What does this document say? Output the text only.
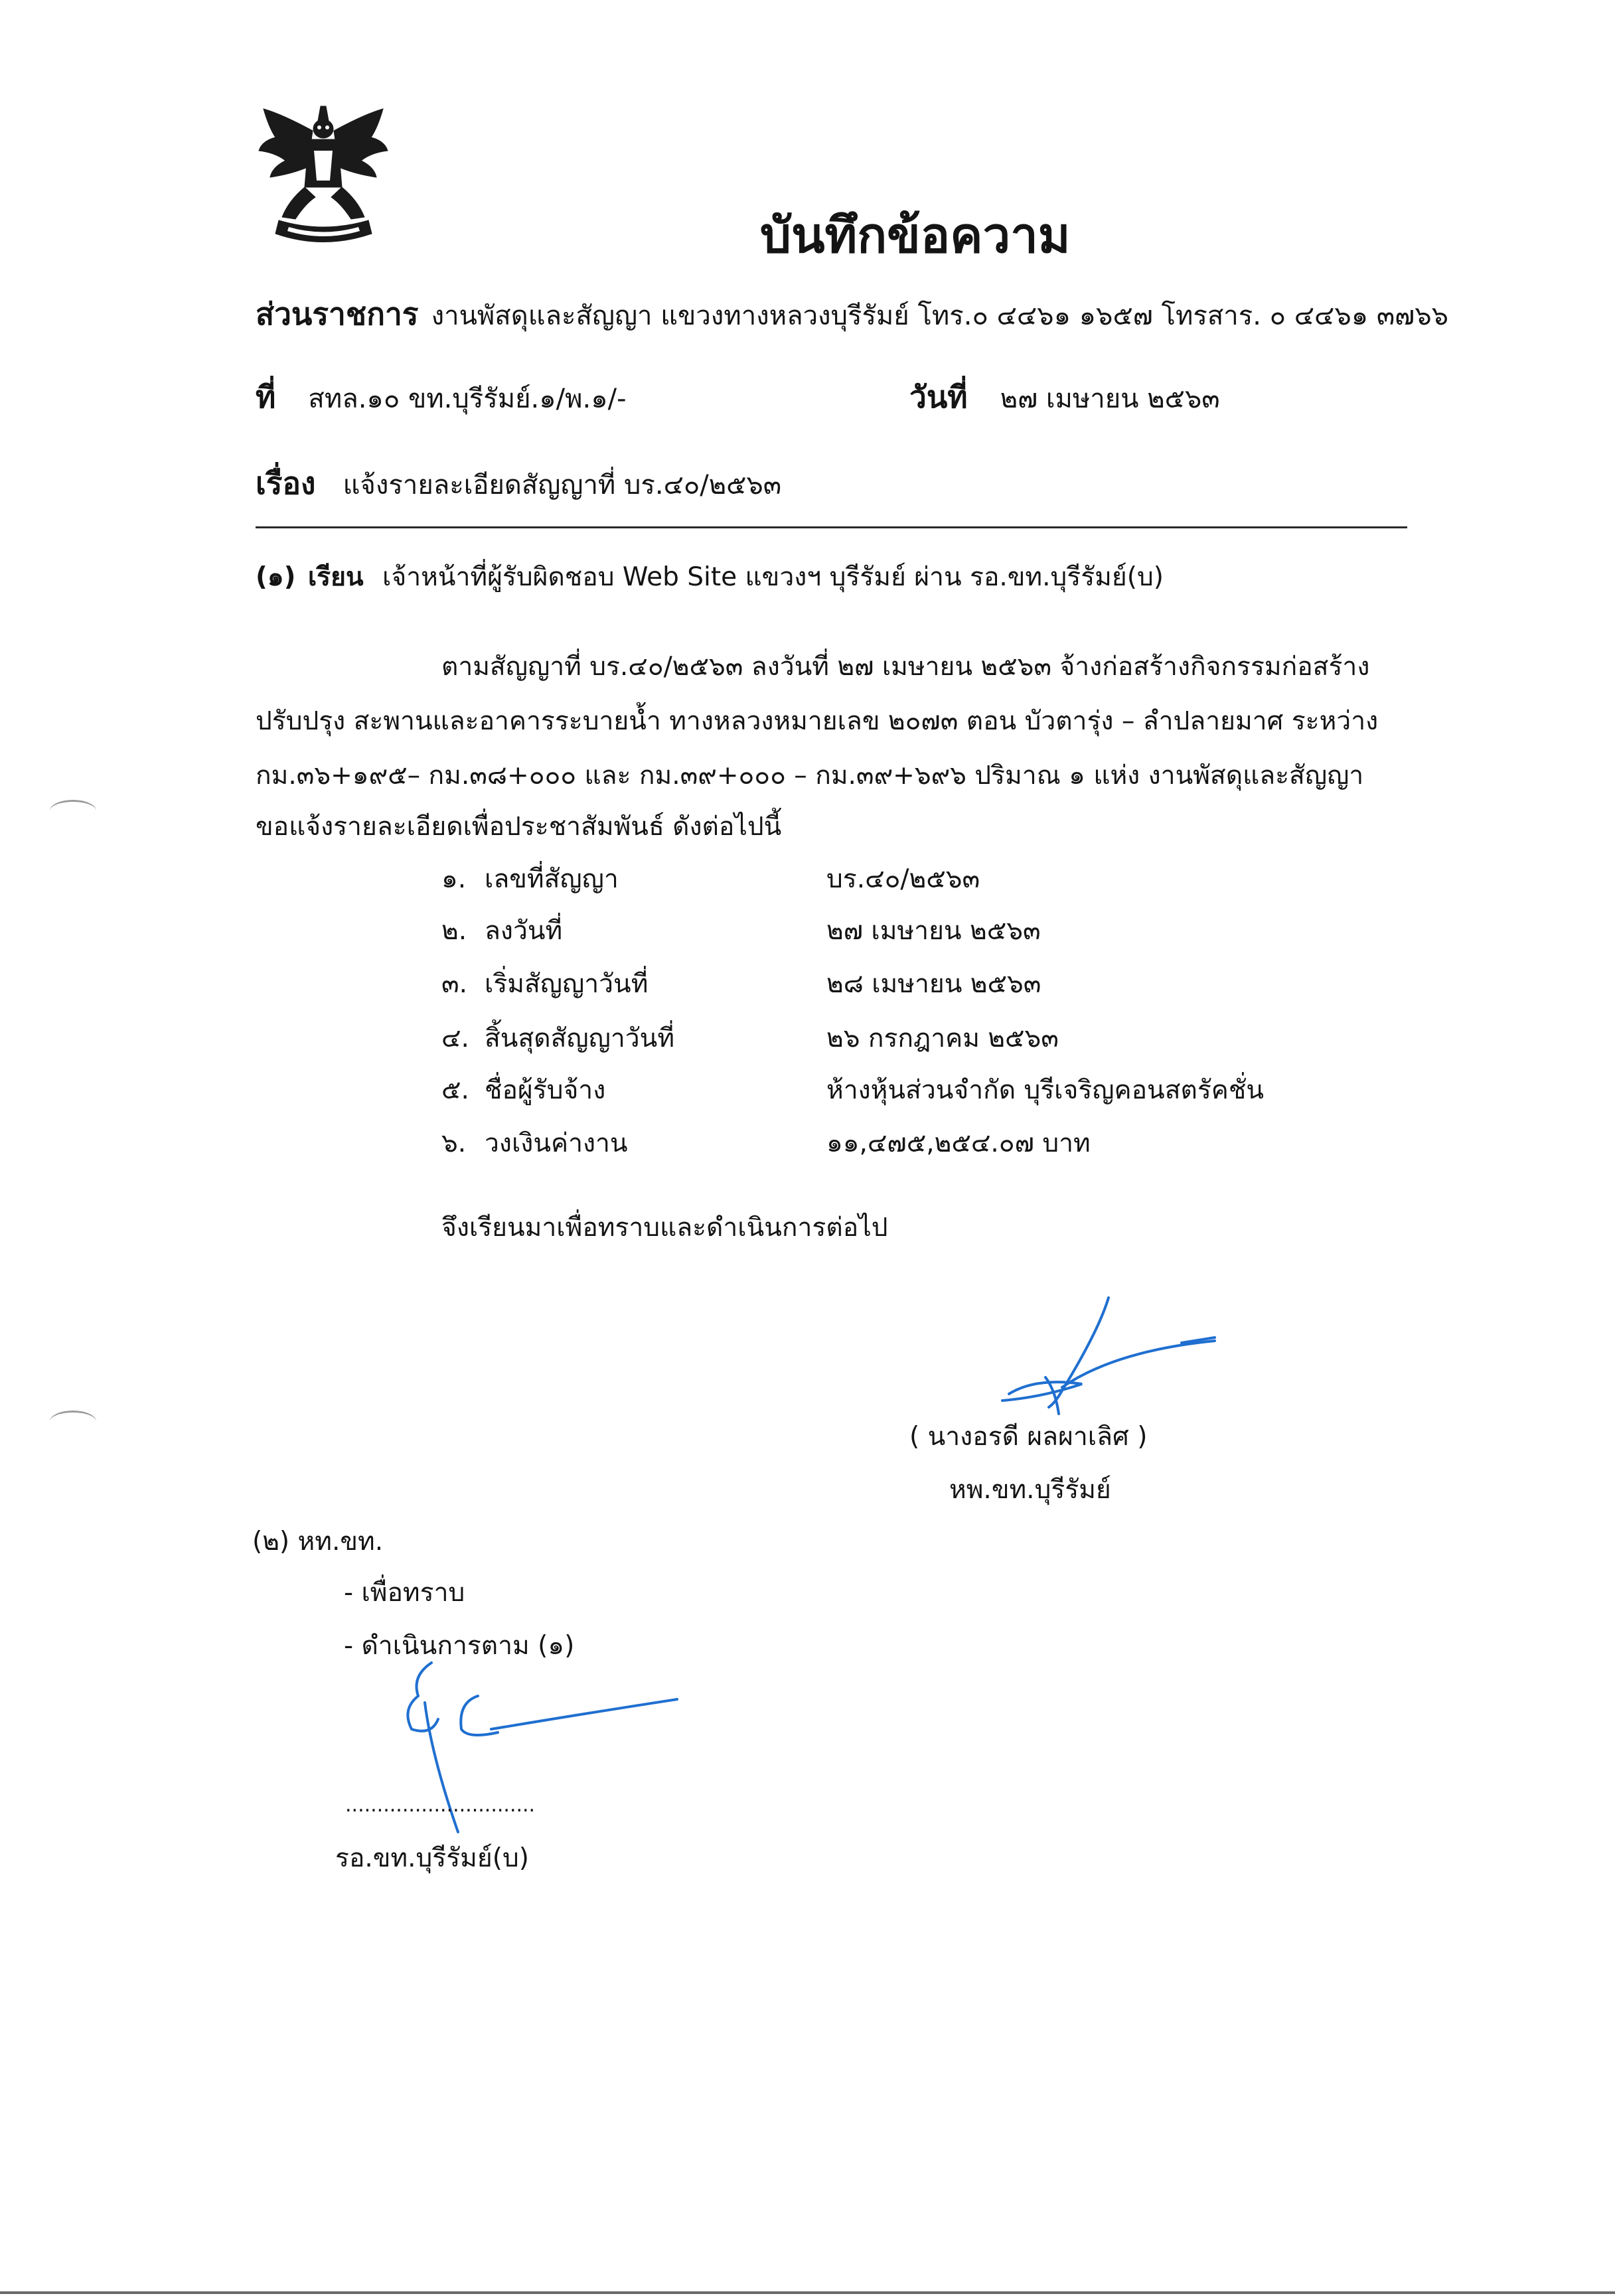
บันทึกข้อความ
ส่วนราชการ งานพัสดุและสัญญา แขวงทางหลวงบุรีรัมย์ โทร.๐ ๔๔๖๑ ๑๖๕๗ โทรสาร. ๐ ๔๔๖๑ ๓๗๖๖
ที่ สทล.๑๐ ขท.บุรีรัมย์.๑/พ.๑/-	วันที่ ๒๗ เมษายน ๒๕๖๓
เรื่อง แจ้งรายละเอียดสัญญาที่ บร.๔๐/๒๕๖๓
(๑) เรียน เจ้าหน้าที่ผู้รับผิดชอบ Web Site แขวงฯ บุรีรัมย์ ผ่าน รอ.ขท.บุรีรัมย์(บ)
ตามสัญญาที่ บร.๔๐/๒๕๖๓ ลงวันที่ ๒๗ เมษายน ๒๕๖๓ จ้างก่อสร้างกิจกรรมก่อสร้าง
ปรับปรุง สะพานและอาคารระบายน้ำ ทางหลวงหมายเลข ๒๐๗๓ ตอน บัวตารุ่ง – ลำปลายมาศ ระหว่าง
กม.๓๖+๑๙๕– กม.๓๘+๐๐๐ และ กม.๓๙+๐๐๐ – กม.๓๙+๖๙๖ ปริมาณ ๑ แห่ง งานพัสดุและสัญญา
ขอแจ้งรายละเอียดเพื่อประชาสัมพันธ์ ดังต่อไปนี้
๑. เลขที่สัญญา	บร.๔๐/๒๕๖๓
๒. ลงวันที่	๒๗ เมษายน ๒๕๖๓
๓. เริ่มสัญญาวันที่	๒๘ เมษายน ๒๕๖๓
๔. สิ้นสุดสัญญาวันที่	๒๖ กรกฎาคม ๒๕๖๓
๕. ชื่อผู้รับจ้าง	ห้างหุ้นส่วนจำกัด บุรีเจริญคอนสตรัคชั่น
๖. วงเงินค่างาน	๑๑,๔๗๕,๒๕๔.๐๗ บาท
จึงเรียนมาเพื่อทราบและดำเนินการต่อไป
( นางอรดี ผลผาเลิศ )
หพ.ขท.บุรีรัมย์
(๒) หท.ขท.
- เพื่อทราบ
- ดำเนินการตาม (๑)
..............................
รอ.ขท.บุรีรัมย์(บ)
